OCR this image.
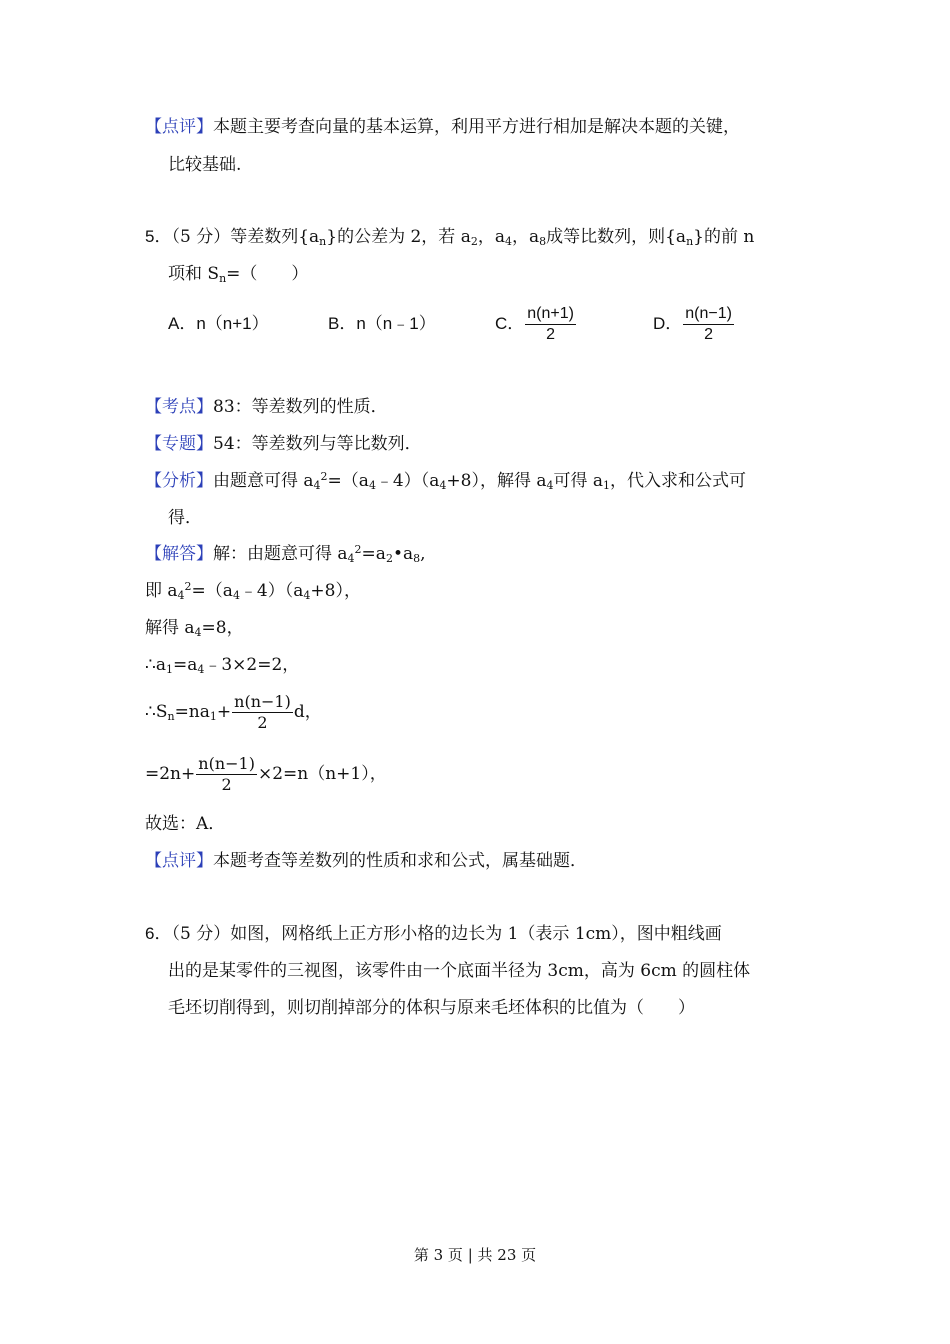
【点评】本题主要考查向量的基本运算，利用平方进行相加是解决本题的关键，
比较基础.
5．（5 分）等差数列$\{a_n\}$的公差为 2，若 $a_2$，$a_4$，$a_8$成等比数列，则$\{a_n\}$的前 n
项和 $S_n=$（　　）
A．n（n+1）	B．n（n﹣1）	C． $\frac{n(n+1)}{2}$	D． $\frac{n(n-1)}{2}$
【考点】83：等差数列的性质．
【专题】54：等差数列与等比数列．
【分析】由题意可得 $a_4^2=(a_4﹣4)(a_4+8)$，解得 $a_4$可得 $a_1$，代入求和公式可
得．
【解答】解：由题意可得 $a_4^2=a_2•a_8$,
即 $a_4^2=(a_4﹣4)(a_4+8)$，
解得 $a_4=8$，
$\therefore a_1=a_4﹣3\times 2=2$，
$\therefore S_n=na_1+ \frac{n(n-1)}{2}$ d，
$=2n+ \frac{n(n-1)}{2} \times 2=n(n+1)$，
故选：A．
【点评】本题考查等差数列的性质和求和公式，属基础题．
6．（5 分）如图，网格纸上正方形小格的边长为 1（表示 1cm），图中粗线画
出的是某零件的三视图，该零件由一个底面半径为 3cm，高为 6cm 的圆柱体
毛坯切削得到，则切削掉部分的体积与原来毛坯体积的比值为（　　）
第 3 页 | 共 23 页
